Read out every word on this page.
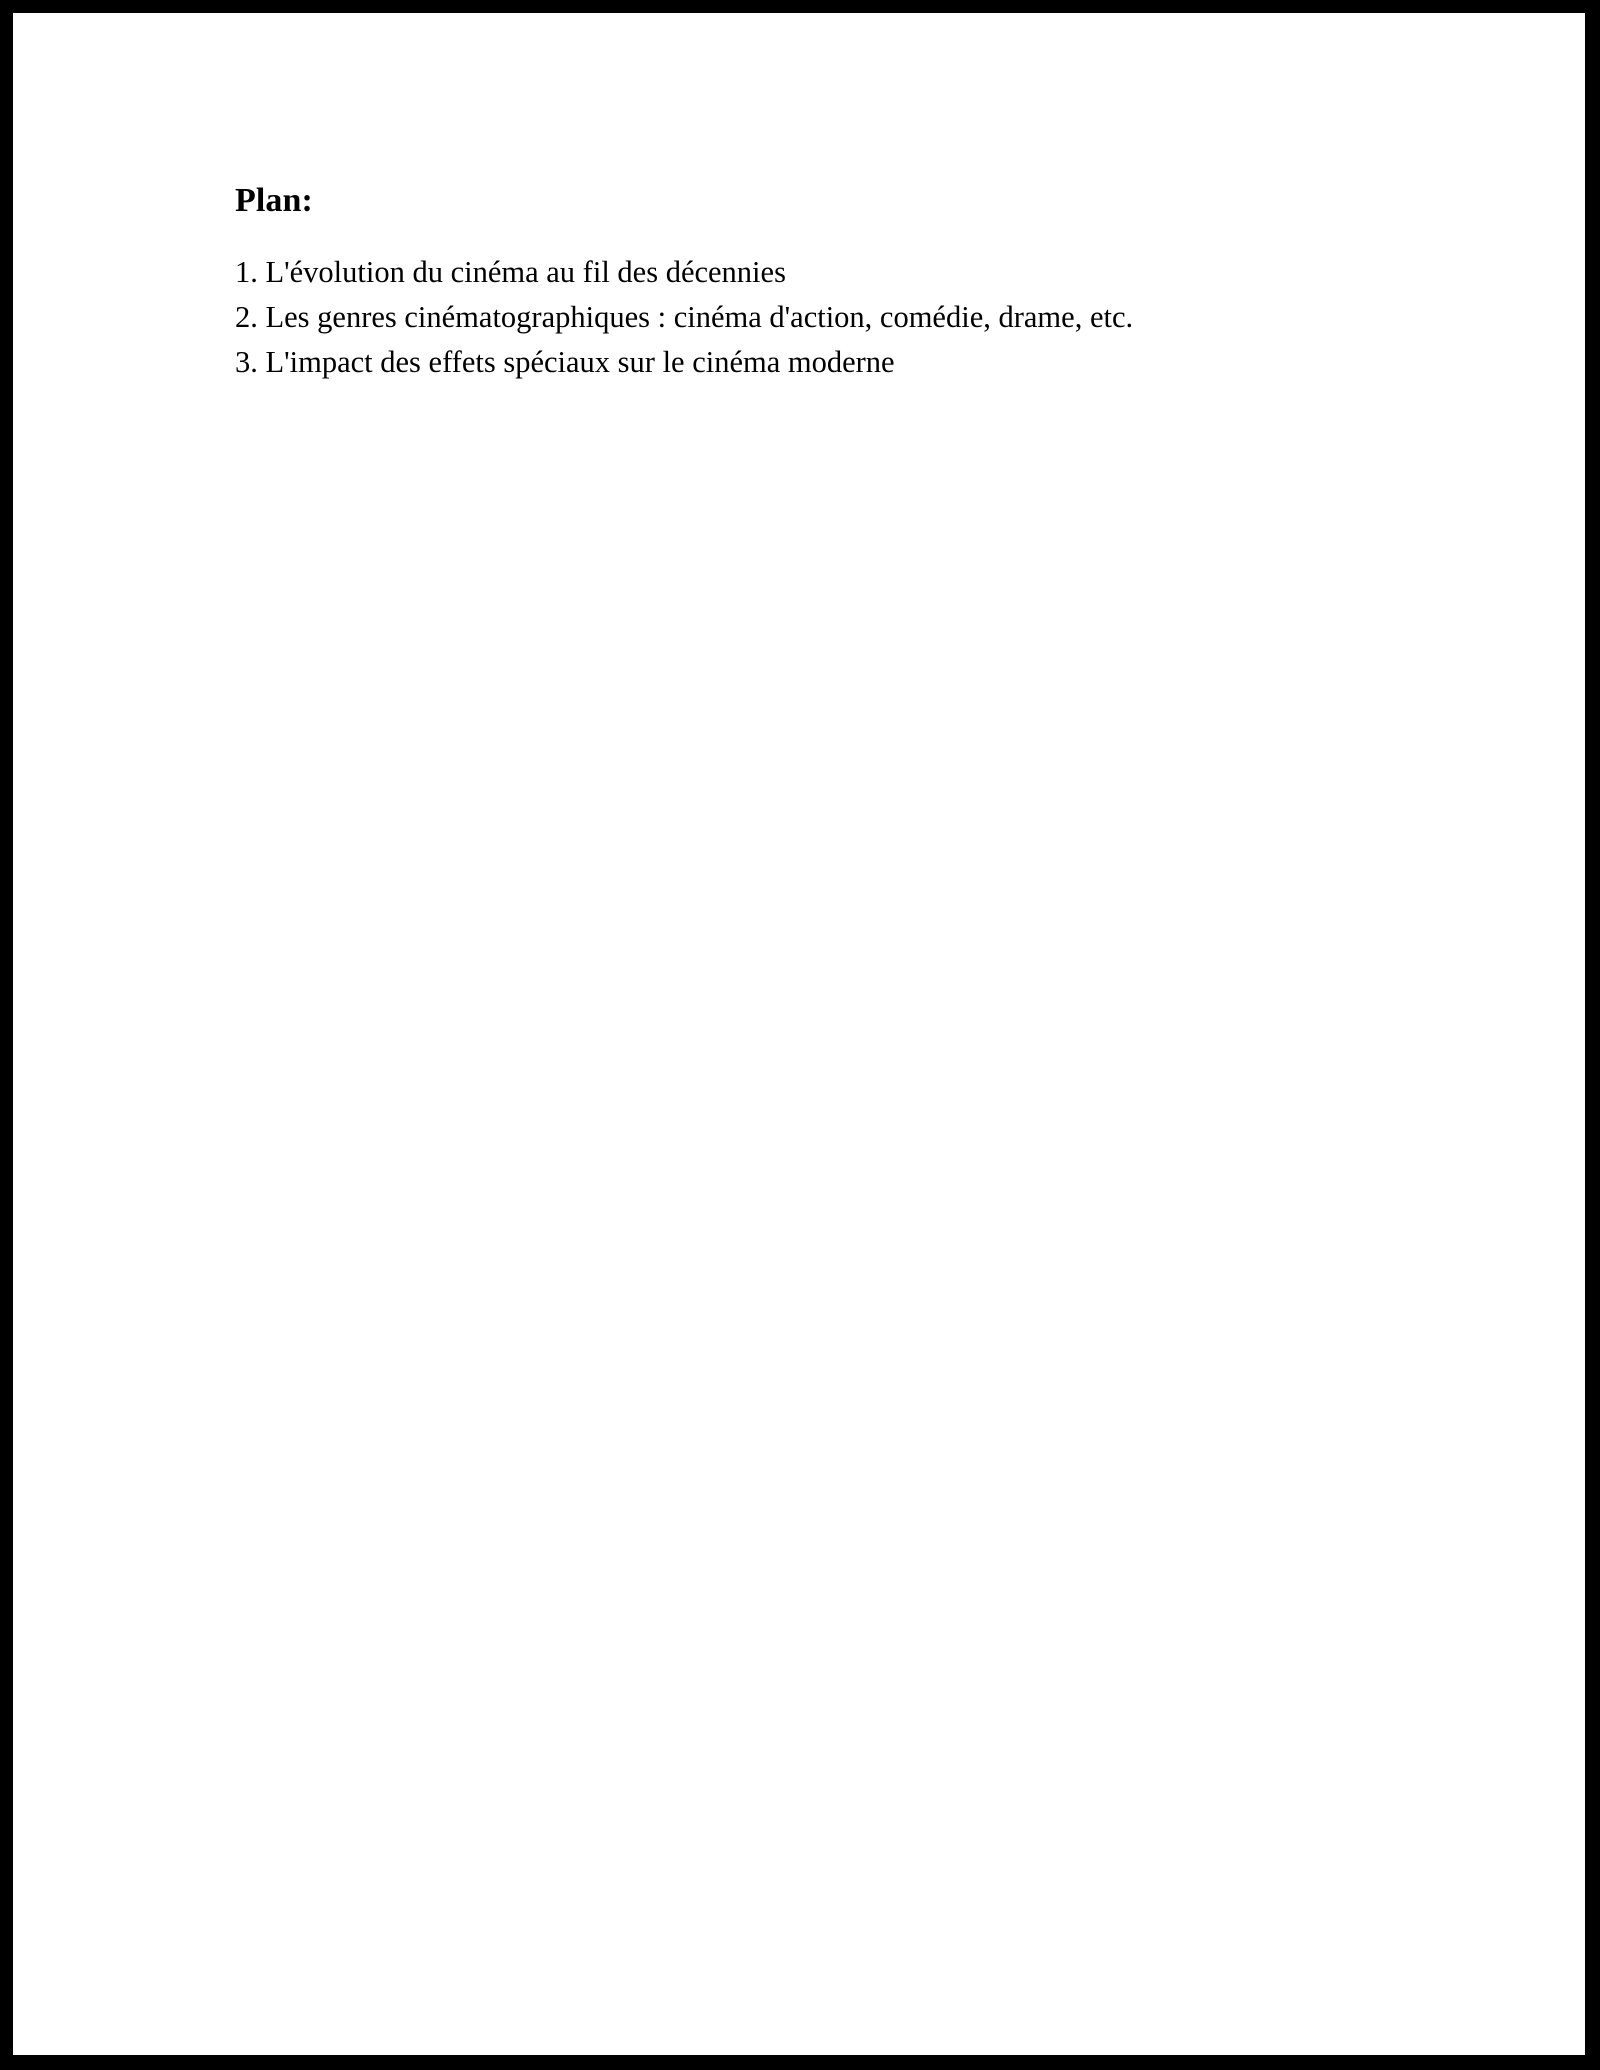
Plan:
1. L'évolution du cinéma au fil des décennies
2. Les genres cinématographiques : cinéma d'action, comédie, drame, etc.
3. L'impact des effets spéciaux sur le cinéma moderne
